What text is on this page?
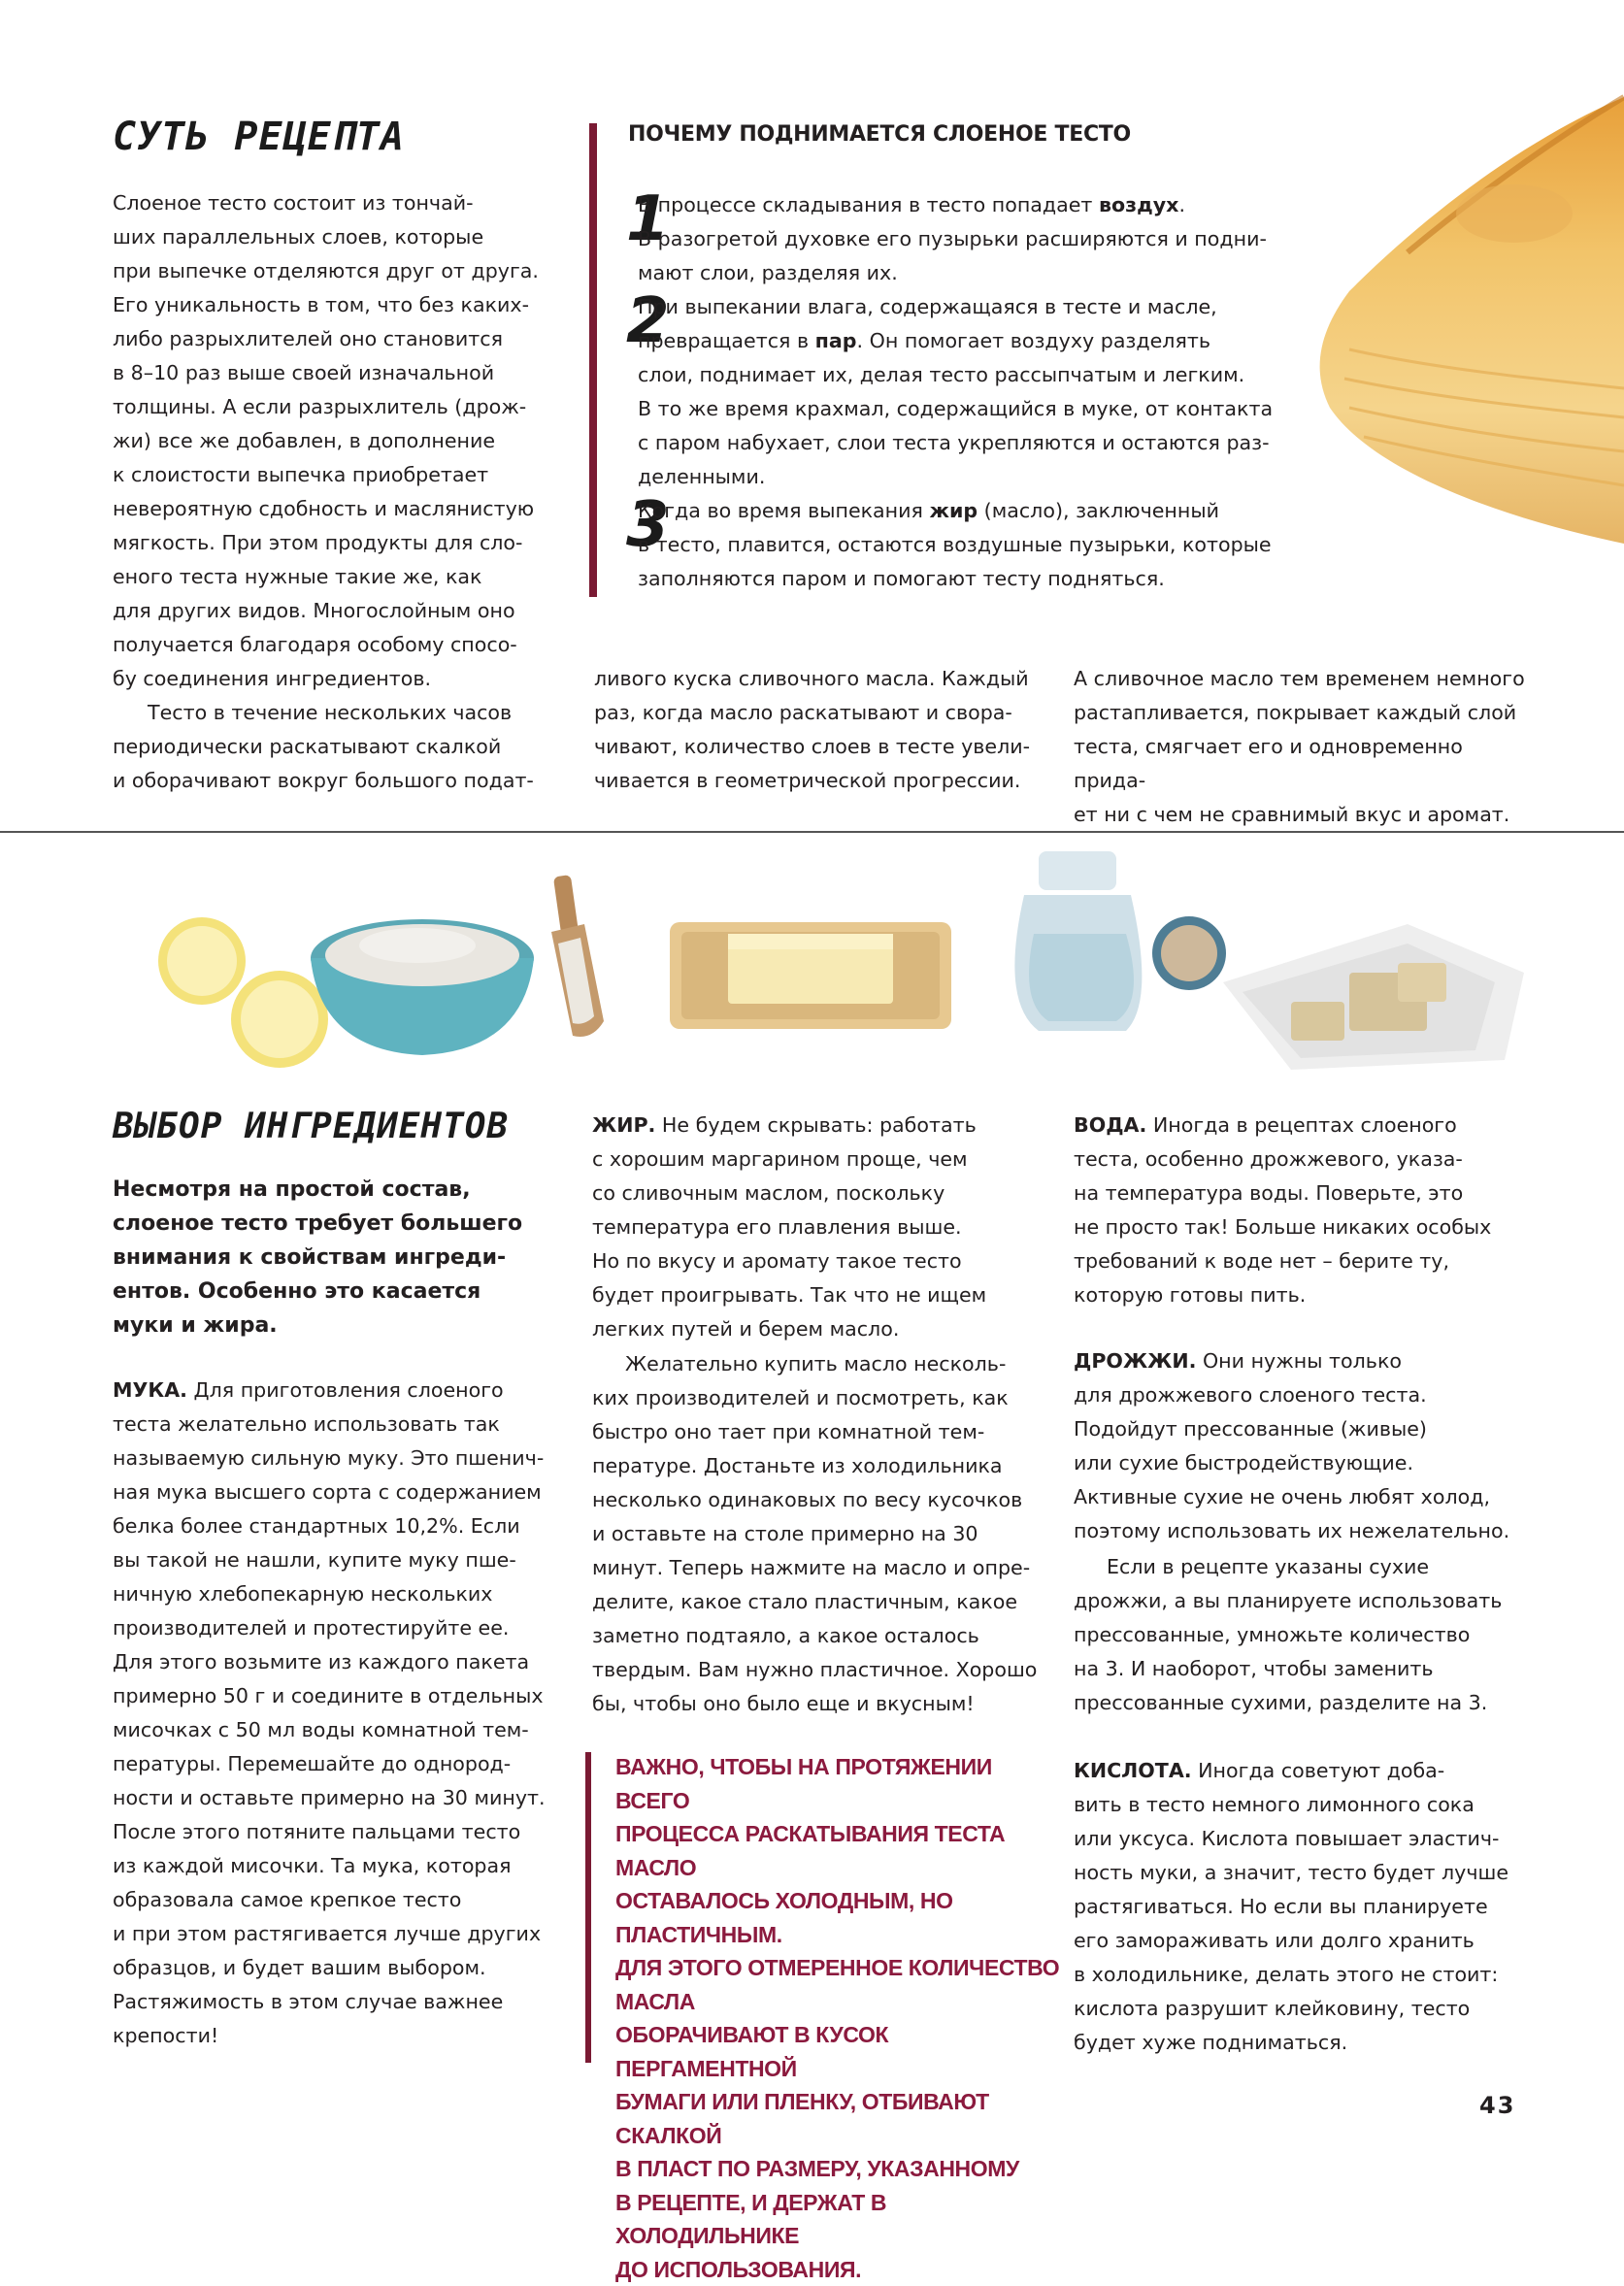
СУТЬ РЕЦЕПТА

Слоеное тесто состоит из тончай-
ших параллельных слоев, которые
при выпечке отделяются друг от друга.
Его уникальность в том, что без каких-
либо разрыхлителей оно становится
в 8–10 раз выше своей изначальной
толщины. А если разрыхлитель (дрож-
жи) все же добавлен, в дополнение
к слоистости выпечка приобретает
невероятную сдобность и маслянистую
мягкость. При этом продукты для сло-
еного теста нужные такие же, как
для других видов. Многослойным оно
получается благодаря особому спосо-
бу соединения ингредиентов.

Тесто в течение нескольких часов
периодически раскатывают скалкой
и оборачивают вокруг большого подат-

ПОЧЕМУ ПОДНИМАЕТСЯ СЛОЕНОЕ ТЕСТО
1

В процессе складывания в тесто попадает воздух.
В разогретой духовке его пузырьки расширяются и подни-
мают слои, разделяя их.

2

При выпекании влага, содержащаяся в тесте и масле,
превращается в пар. Он помогает воздуху разделять
слои, поднимает их, делая тесто рассыпчатым и легким.
В то же время крахмал, содержащийся в муке, от контакта
с паром набухает, слои теста укрепляются и остаются раз-
деленными.

3

Когда во время выпекания жир (масло), заключенный
в тесто, плавится, остаются воздушные пузырьки, которые
заполняются паром и помогают тесту подняться.

ливого куска сливочного масла. Каждый
раз, когда масло раскатывают и свора-
чивают, количество слоев в тесте увели-
чивается в геометрической прогрессии.

А сливочное масло тем временем немного
растапливается, покрывает каждый слой
теста, смягчает его и одновременно прида-
ет ни с чем не сравнимый вкус и аромат.

ВЫБОР ИНГРЕДИЕНТОВ

Несмотря на простой состав,
слоеное тесто требует большего
внимания к свойствам ингреди-
ентов. Особенно это касается
муки и жира.

МУКА. Для приготовления слоеного
теста желательно использовать так
называемую сильную муку. Это пшенич-
ная мука высшего сорта с содержанием
белка более стандартных 10,2%. Если
вы такой не нашли, купите муку пше-
ничную хлебопекарную нескольких
производителей и протестируйте ее.
Для этого возьмите из каждого пакета
примерно 50 г и соедините в отдельных
мисочках с 50 мл воды комнатной тем-
пературы. Перемешайте до однород-
ности и оставьте примерно на 30 минут.
После этого потяните пальцами тесто
из каждой мисочки. Та мука, которая
образовала самое крепкое тесто
и при этом растягивается лучше других
образцов, и будет вашим выбором.
Растяжимость в этом случае важнее
крепости!

ЖИР. Не будем скрывать: работать
с хорошим маргарином проще, чем
со сливочным маслом, поскольку
температура его плавления выше.
Но по вкусу и аромату такое тесто
будет проигрывать. Так что не ищем
легких путей и берем масло.

Желательно купить масло несколь-
ких производителей и посмотреть, как
быстро оно тает при комнатной тем-
пературе. Достаньте из холодильника
несколько одинаковых по весу кусочков
и оставьте на столе примерно на 30
минут. Теперь нажмите на масло и опре-
делите, какое стало пластичным, какое
заметно подтаяло, а какое осталось
твердым. Вам нужно пластичное. Хорошо
бы, чтобы оно было еще и вкусным!

ВАЖНО, ЧТОБЫ НА ПРОТЯЖЕНИИ ВСЕГО
ПРОЦЕССА РАСКАТЫВАНИЯ ТЕСТА МАСЛО
ОСТАВАЛОСЬ ХОЛОДНЫМ, НО ПЛАСТИЧНЫМ.
ДЛЯ ЭТОГО ОТМЕРЕННОЕ КОЛИЧЕСТВО МАСЛА
ОБОРАЧИВАЮТ В КУСОК ПЕРГАМЕНТНОЙ
БУМАГИ ИЛИ ПЛЕНКУ, ОТБИВАЮТ СКАЛКОЙ
В ПЛАСТ ПО РАЗМЕРУ, УКАЗАННОМУ
В РЕЦЕПТЕ, И ДЕРЖАТ В ХОЛОДИЛЬНИКЕ
ДО ИСПОЛЬЗОВАНИЯ.

ВОДА. Иногда в рецептах слоеного
теста, особенно дрожжевого, указа-
на температура воды. Поверьте, это
не просто так! Больше никаких особых
требований к воде нет – берите ту,
которую готовы пить.

ДРОЖЖИ. Они нужны только
для дрожжевого слоеного теста.
Подойдут прессованные (живые)
или сухие быстродействующие.
Активные сухие не очень любят холод,
поэтому использовать их нежелательно.

Если в рецепте указаны сухие
дрожжи, а вы планируете использовать
прессованные, умножьте количество
на 3. И наоборот, чтобы заменить
прессованные сухими, разделите на 3.

КИСЛОТА. Иногда советуют доба-
вить в тесто немного лимонного сока
или уксуса. Кислота повышает эластич-
ность муки, а значит, тесто будет лучше
растягиваться. Но если вы планируете
его замораживать или долго хранить
в холодильнике, делать этого не стоит:
кислота разрушит клейковину, тесто
будет хуже подниматься.

43
